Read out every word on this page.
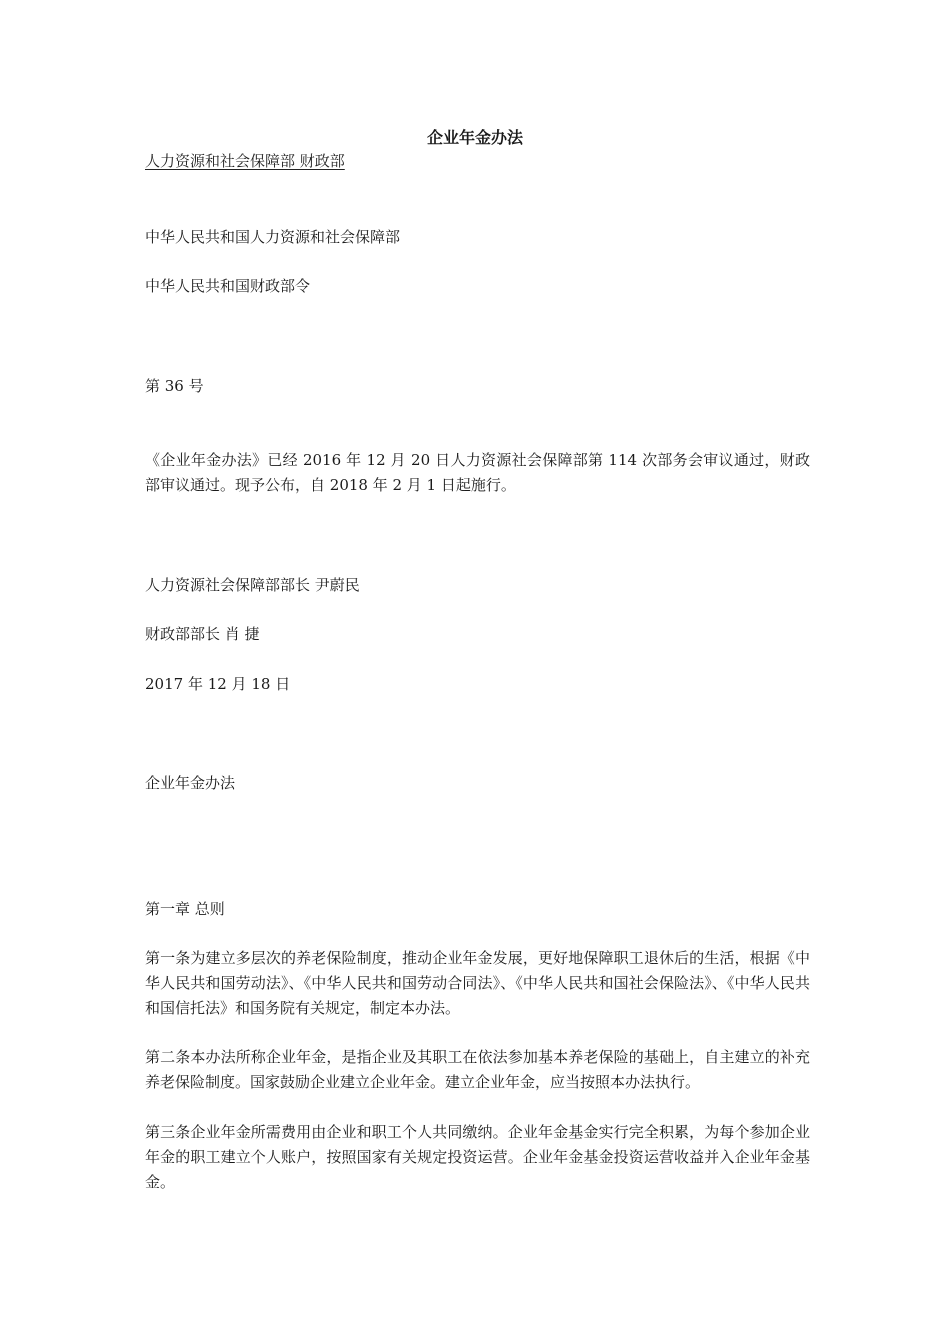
企业年金办法
人力资源和社会保障部 财政部
中华人民共和国人力资源和社会保障部
中华人民共和国财政部令
第 36 号
《企业年金办法》已经 2016 年 12 月 20 日人力资源社会保障部第 114 次部务会审议通过，财政部审议通过。现予公布，自 2018 年 2 月 1 日起施行。
人力资源社会保障部部长 尹蔚民
财政部部长 肖 捷
2017 年 12 月 18 日
企业年金办法
第一章 总则
第一条为建立多层次的养老保险制度，推动企业年金发展，更好地保障职工退休后的生活，根据《中华人民共和国劳动法》、《中华人民共和国劳动合同法》、《中华人民共和国社会保险法》、《中华人民共和国信托法》和国务院有关规定，制定本办法。
第二条本办法所称企业年金，是指企业及其职工在依法参加基本养老保险的基础上，自主建立的补充养老保险制度。国家鼓励企业建立企业年金。建立企业年金，应当按照本办法执行。
第三条企业年金所需费用由企业和职工个人共同缴纳。企业年金基金实行完全积累，为每个参加企业年金的职工建立个人账户，按照国家有关规定投资运营。企业年金基金投资运营收益并入企业年金基金。
